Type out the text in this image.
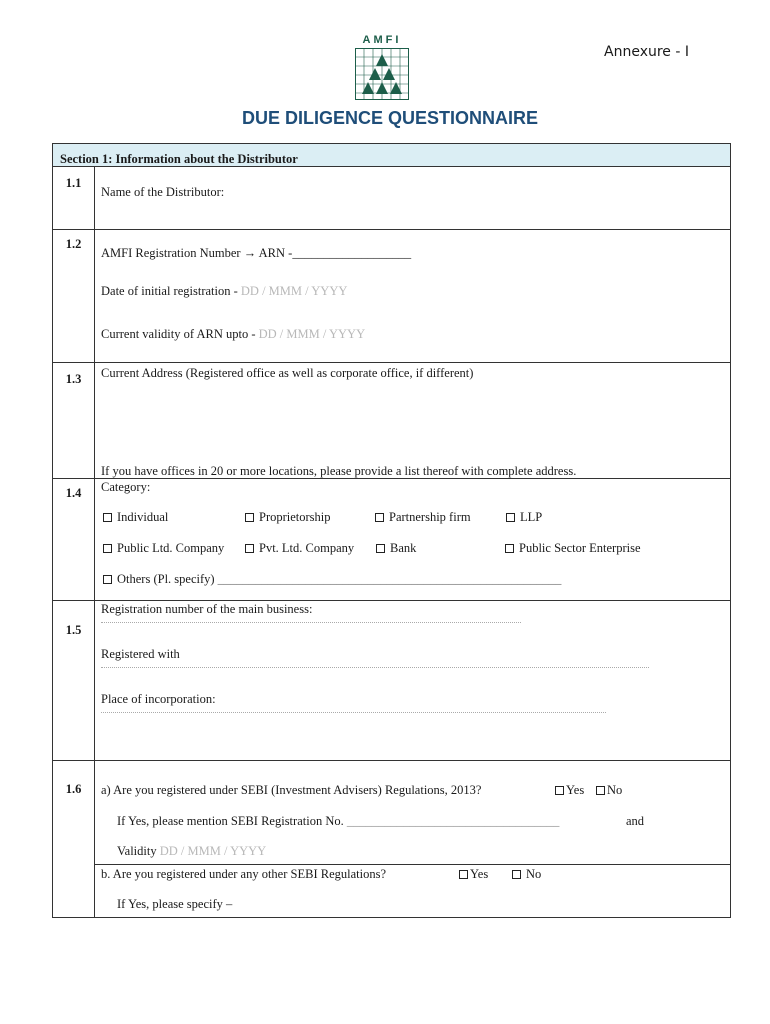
AMFI
Annexure - I
DUE DILIGENCE QUESTIONNAIRE
Section 1: Information about the Distributor
1.1
Name of the Distributor:
1.2
AMFI Registration Number → ARN -___________________
Date of initial registration - DD / MMM / YYYY
Current validity of ARN upto - DD / MMM / YYYY
1.3	Current Address (Registered office as well as corporate office, if different)
If you have offices in 20 or more locations, please provide a list thereof with complete address.
1.4	Category:
Individual	Proprietorship	Partnership firm	LLP
Public Ltd. Company	Pvt. Ltd. Company	Bank	Public Sector Enterprise
Others (Pl. specify) _______________________________________________________
1.5
Registration number of the main business:
Registered with
Place of incorporation:
1.6	a) Are you registered under SEBI (Investment Advisers) Regulations, 2013?	Yes	No
If Yes, please mention SEBI Registration No. __________________________________	and
Validity DD / MMM / YYYY
b. Are you registered under any other SEBI Regulations?	Yes	No
If Yes, please specify –
